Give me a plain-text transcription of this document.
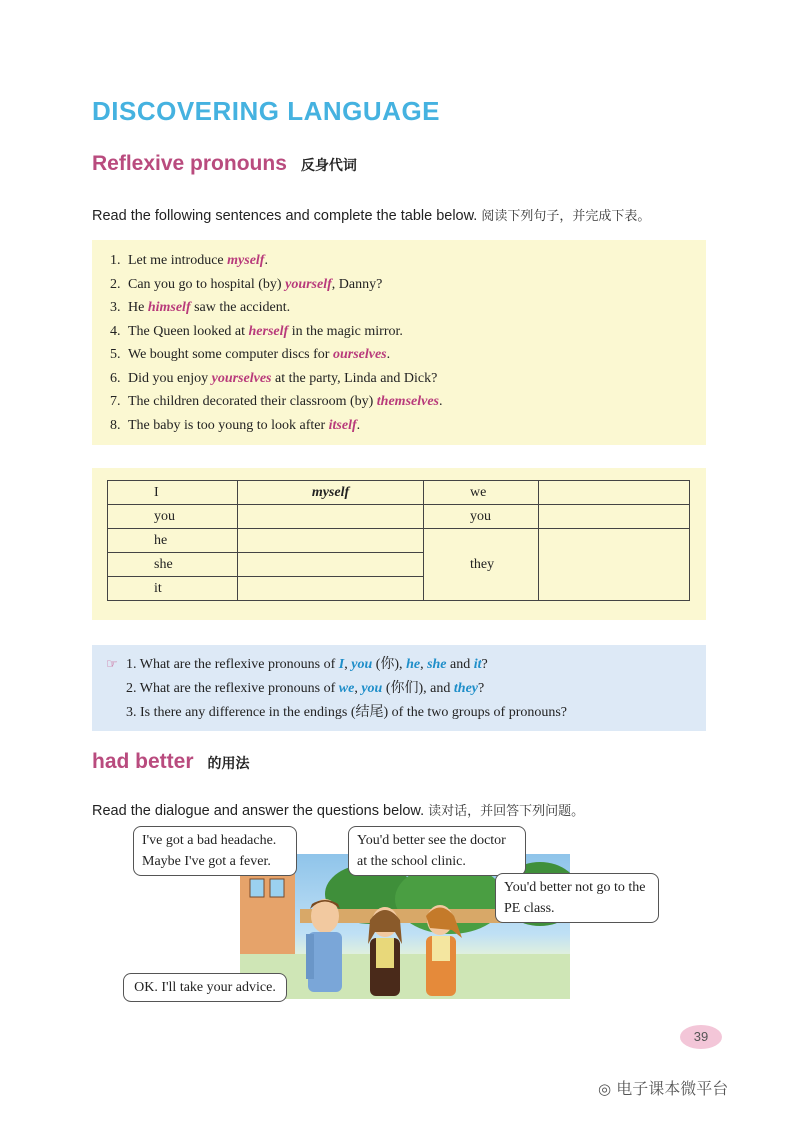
DISCOVERING LANGUAGE
Reflexive pronouns 反身代词

Read the following sentences and complete the table below. 阅读下列句子，并完成下表。

1.Let me introduce myself.
2.Can you go to hospital (by) yourself, Danny?
3.He himself saw the accident.
4.The Queen looked at herself in the magic mirror.
5.We bought some computer discs for ourselves.
6.Did you enjoy yourselves at the party, Linda and Dick?
7.The children decorated their classroom (by) themselves.
8.The baby is too young to look after itself.
I	myself	we	
you		you	
he		they	
she			
it			
☞ 1. What are the reflexive pronouns of I, you (你), he, she and it?
2. What are the reflexive pronouns of we, you (你们), and they?
3. Is there any difference in the endings (结尾) of the two groups of pronouns?
had better 的用法

Read the dialogue and answer the questions below. 读对话，并回答下列问题。

I've got a bad headache.
Maybe I've got a fever.
You'd better see the doctor
at the school clinic.
You'd better not go to the
PE class.
OK. I'll take your advice.
39
◎ 电子课本微平台
